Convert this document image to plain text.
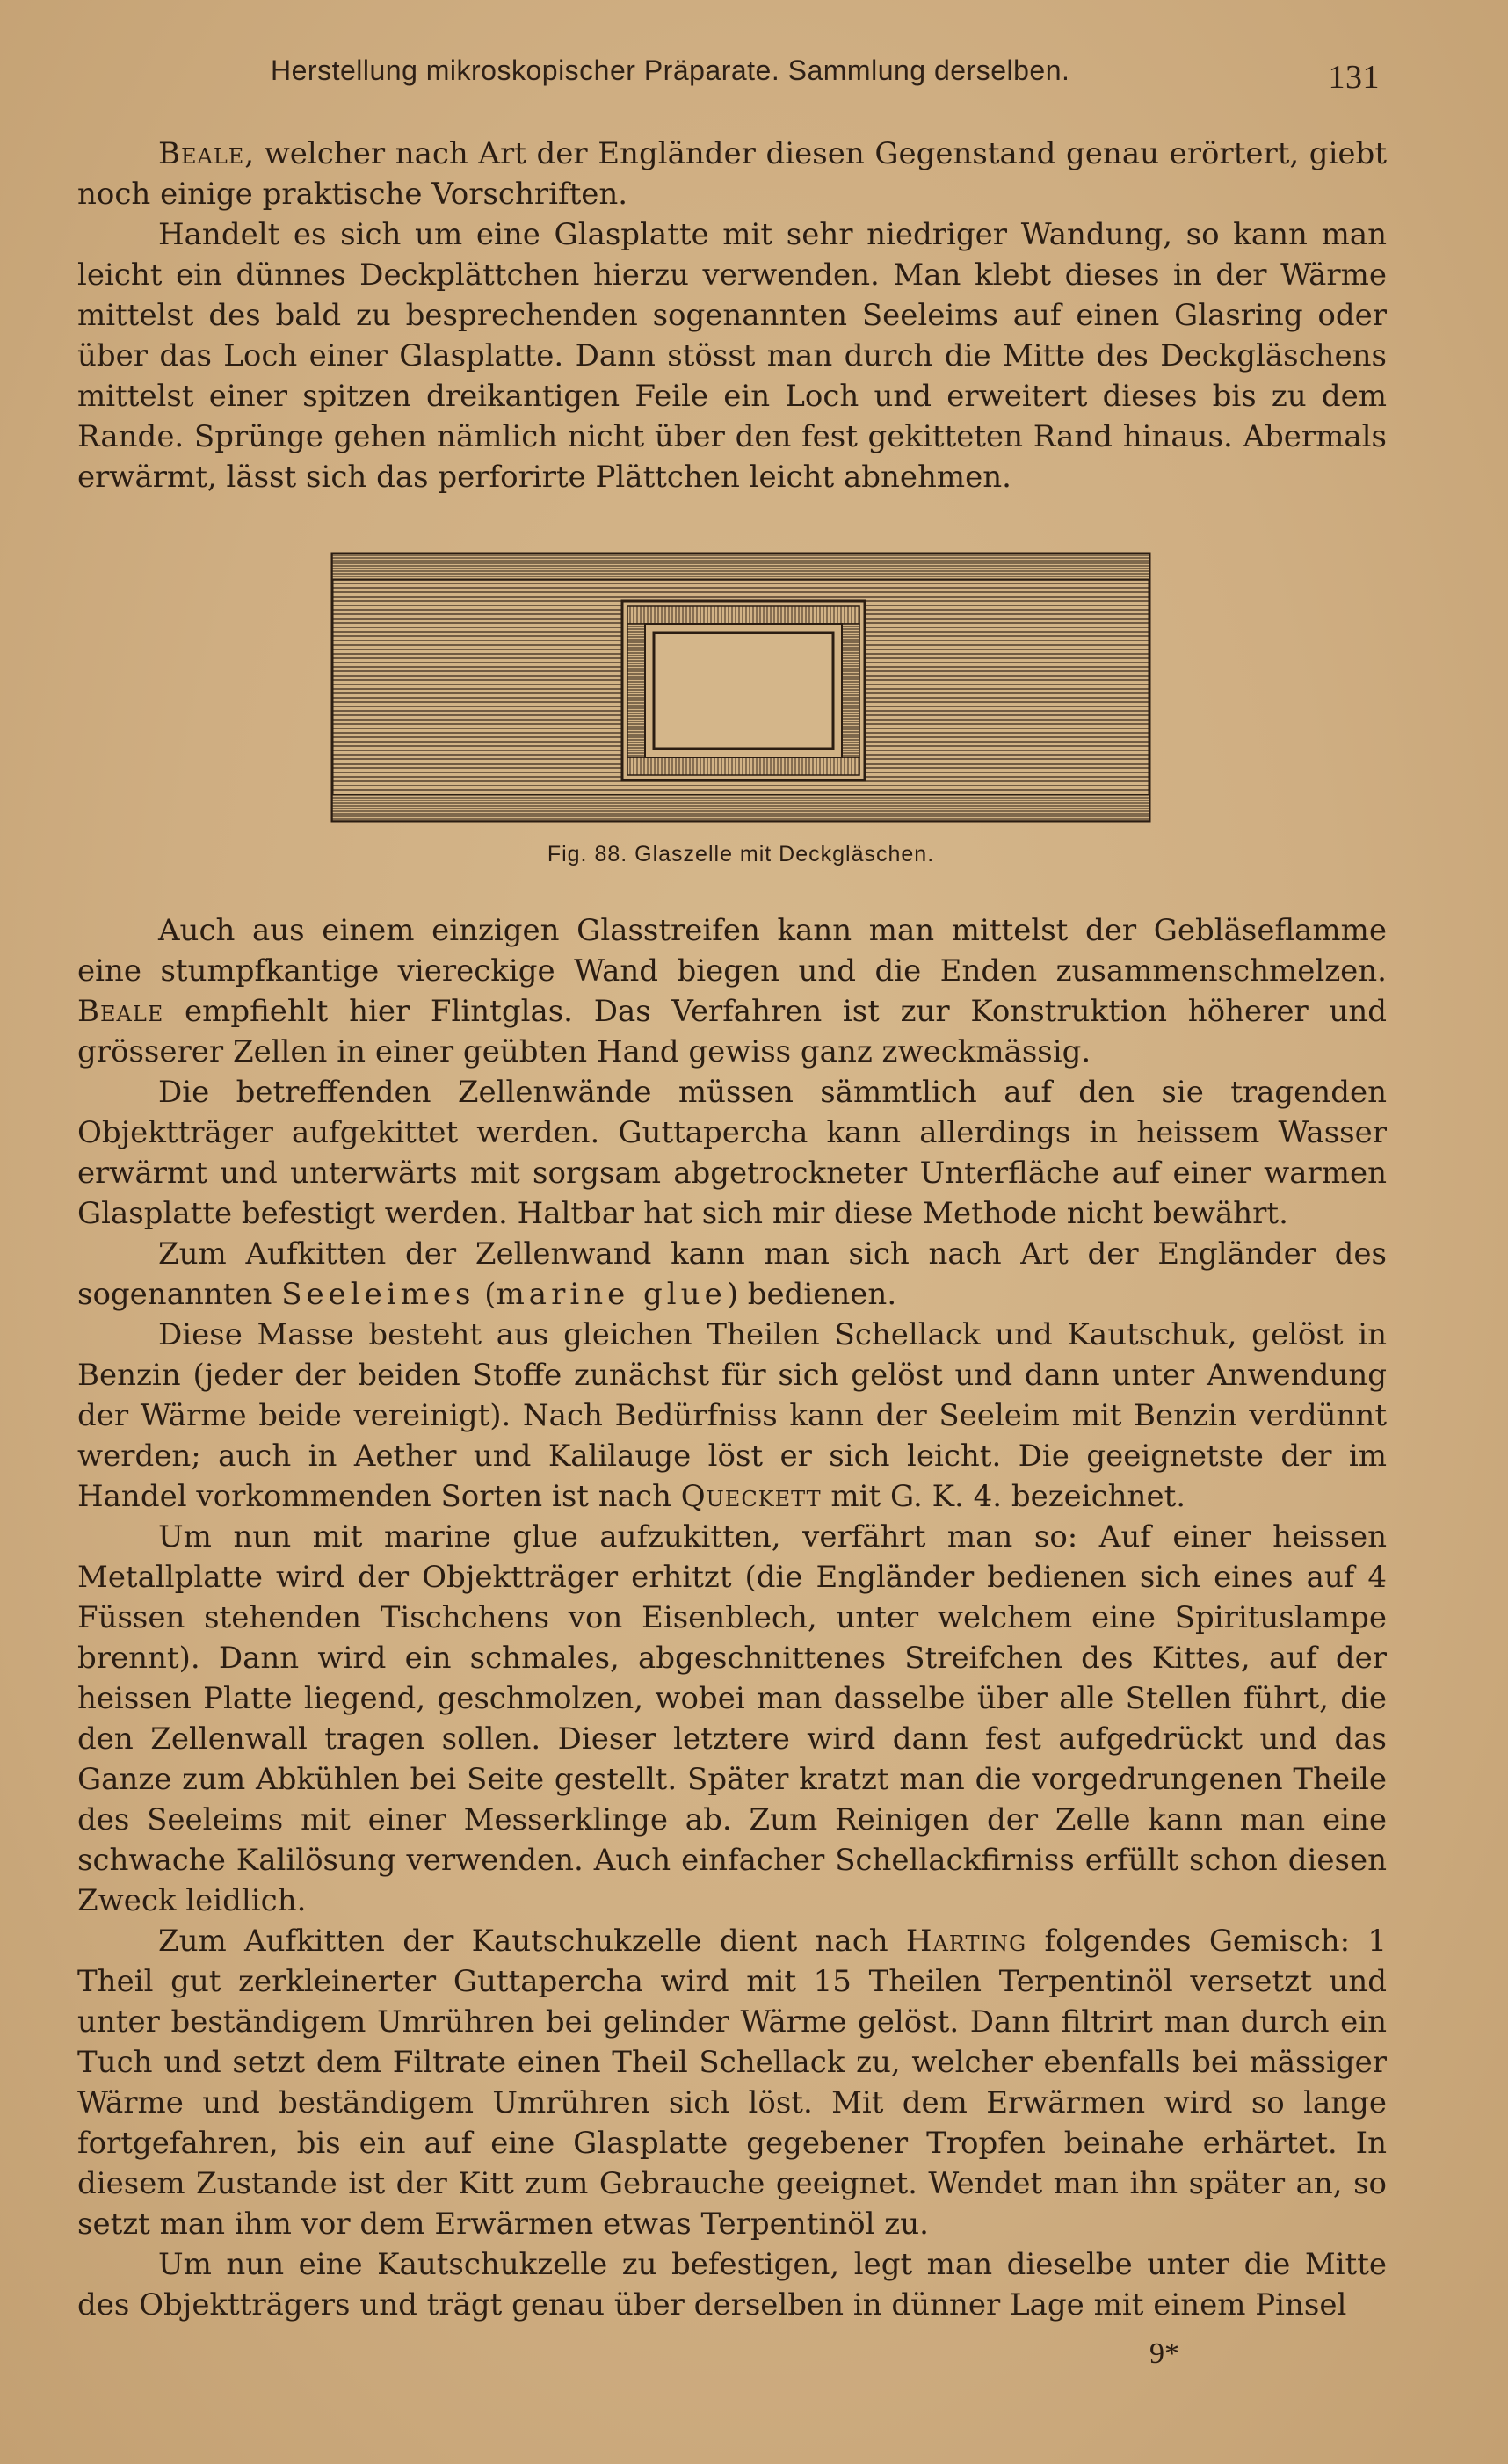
Herstellung mikroskopischer Präparate. Sammlung derselben.	131

Beale, welcher nach Art der Engländer diesen Gegenstand genau erörtert, giebt noch einige praktische Vorschriften.

Handelt es sich um eine Glasplatte mit sehr niedriger Wandung, so kann man leicht ein dünnes Deckplättchen hierzu verwenden. Man klebt dieses in der Wärme mittelst des bald zu besprechenden sogenannten Seeleims auf einen Glasring oder über das Loch einer Glasplatte. Dann stösst man durch die Mitte des Deckgläschens mittelst einer spitzen dreikantigen Feile ein Loch und erweitert dieses bis zu dem Rande. Sprünge gehen nämlich nicht über den fest gekitteten Rand hinaus. Abermals erwärmt, lässt sich das perforirte Plättchen leicht abnehmen.

Fig. 88. Glaszelle mit Deckgläschen.

Auch aus einem einzigen Glasstreifen kann man mittelst der Gebläseflamme eine stumpfkantige viereckige Wand biegen und die Enden zusammenschmelzen. Beale empfiehlt hier Flintglas. Das Verfahren ist zur Konstruktion höherer und grösserer Zellen in einer geübten Hand gewiss ganz zweckmässig.

Die betreffenden Zellenwände müssen sämmtlich auf den sie tragenden Objektträger aufgekittet werden. Guttapercha kann allerdings in heissem Wasser erwärmt und unterwärts mit sorgsam abgetrockneter Unterfläche auf einer warmen Glasplatte befestigt werden. Haltbar hat sich mir diese Methode nicht bewährt.

Zum Aufkitten der Zellenwand kann man sich nach Art der Engländer des sogenannten Seeleimes (marine glue) bedienen.

Diese Masse besteht aus gleichen Theilen Schellack und Kautschuk, gelöst in Benzin (jeder der beiden Stoffe zunächst für sich gelöst und dann unter Anwendung der Wärme beide vereinigt). Nach Bedürfniss kann der Seeleim mit Benzin verdünnt werden; auch in Aether und Kalilauge löst er sich leicht. Die geeignetste der im Handel vorkommenden Sorten ist nach Queckett mit G. K. 4. bezeichnet.

Um nun mit marine glue aufzukitten, verfährt man so: Auf einer heissen Metallplatte wird der Objektträger erhitzt (die Engländer bedienen sich eines auf 4 Füssen stehenden Tischchens von Eisenblech, unter welchem eine Spirituslampe brennt). Dann wird ein schmales, abgeschnittenes Streifchen des Kittes, auf der heissen Platte liegend, geschmolzen, wobei man dasselbe über alle Stellen führt, die den Zellenwall tragen sollen. Dieser letztere wird dann fest aufgedrückt und das Ganze zum Abkühlen bei Seite gestellt. Später kratzt man die vorgedrungenen Theile des Seeleims mit einer Messerklinge ab. Zum Reinigen der Zelle kann man eine schwache Kalilösung verwenden. Auch einfacher Schellackfirniss erfüllt schon diesen Zweck leidlich.

Zum Aufkitten der Kautschukzelle dient nach Harting folgendes Gemisch: 1 Theil gut zerkleinerter Guttapercha wird mit 15 Theilen Terpentinöl versetzt und unter beständigem Umrühren bei gelinder Wärme gelöst. Dann filtrirt man durch ein Tuch und setzt dem Filtrate einen Theil Schellack zu, welcher ebenfalls bei mässiger Wärme und beständigem Umrühren sich löst. Mit dem Erwärmen wird so lange fortgefahren, bis ein auf eine Glasplatte gegebener Tropfen beinahe erhärtet. In diesem Zustande ist der Kitt zum Gebrauche geeignet. Wendet man ihn später an, so setzt man ihm vor dem Erwärmen etwas Terpentinöl zu.

Um nun eine Kautschukzelle zu befestigen, legt man dieselbe unter die Mitte des Objektträgers und trägt genau über derselben in dünner Lage mit einem Pinsel

9*
